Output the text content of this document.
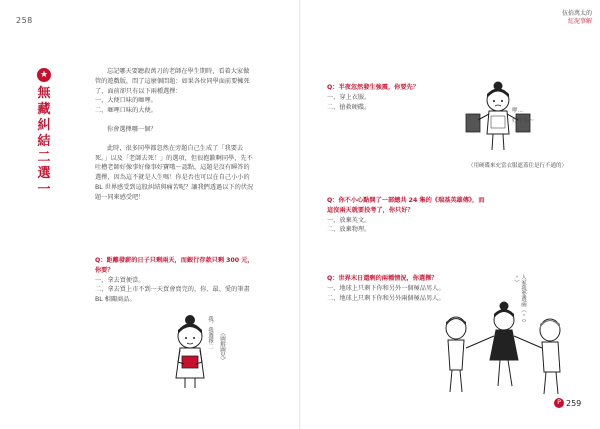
258
★
無
藏
糾
結
二
選
一

忘記哪天要聽殺萬刀的老師在學生期時，看着大家做管的遊戲版，問了這麼個問題：如果各位同學面前要擁死了，面前卻只有以下兩種選擇：

一、大便口味的咖哩。

二、咖哩口味的大便。

你會選擇哪一個？

此時，很多同學都忽然在旁題自己生成了「我要去死。」以及「老師去死！」的選項，但很抱歉啊同學，先不吐槽老師好像事好像事好寶哦～認點，這題是沒有瞬答的選擇，因為這不就是人生嗎！你是否也可以在自己小小的 BL 世界感受到這股糾結與痛苦呢？讓我們透過以下的伏況題一同來感受吧！

Q：距離發薪的日子只剩兩天，而銀行存款只剩 300 元，你要？
一、拿去買便當。
二、拿去買上市不到一天買會賣完的，你、最、愛的筆畫 BL 相關商品。
我，我選擇二 （圖解圖兒）
伍拾萬太的
紅泥事解
Q：半夜忽然發生強震，你要先？
一、穿上衣服。
二、搶救硬碟。
咿…
好可怕～
（用硬碟來充當衣服遮蓋住是行不通的）
Q：你不小心點開了一部總共 24 集的《瑞基英雄傳》，而這沒兩天就要投考了，你只好？
一、放棄英文。
二、放棄物理。
Q：世界末日還剩的兩種情況，你選擇？
一、地球上只剩下你和另外一個極品男人。
二、地球上只剩下你和另外兩個極品男人。	人家我要選兩（＾ｏ＾）
P 259
